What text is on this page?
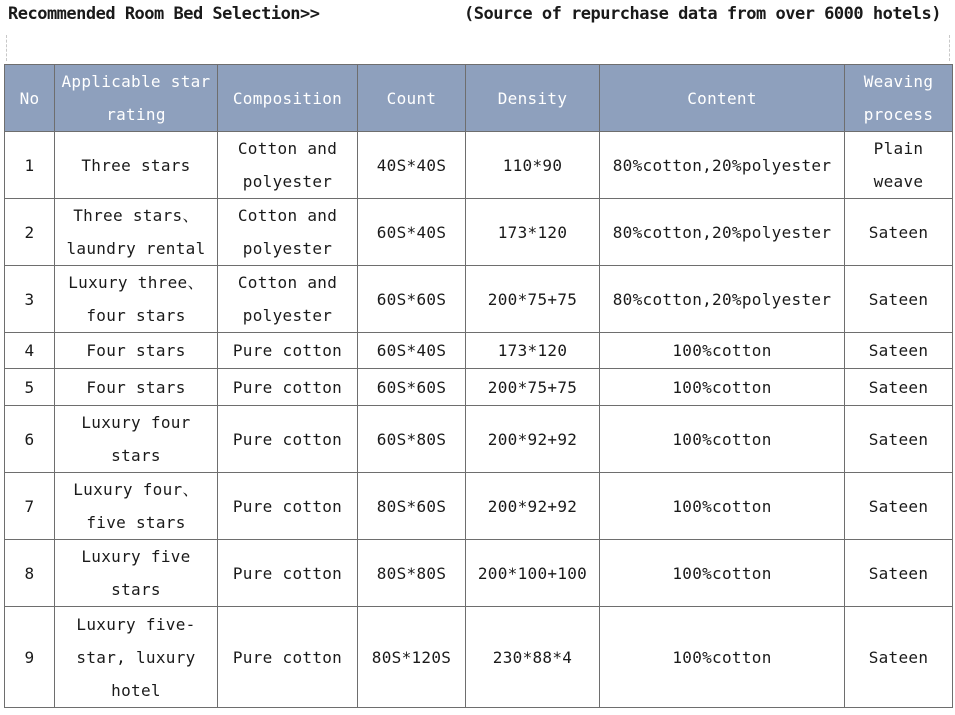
Recommended Room Bed Selection>>	(Source of repurchase data from over 6000 hotels)
No	Applicable star rating	Composition	Count	Density	Content	Weaving process
1	Three stars	Cotton and polyester	40S*40S	110*90	80%cotton,20%polyester	Plain weave
2	Three stars、laundry rental	Cotton and polyester	60S*40S	173*120	80%cotton,20%polyester	Sateen
3	Luxury three、four stars	Cotton and polyester	60S*60S	200*75+75	80%cotton,20%polyester	Sateen
4	Four stars	Pure cotton	60S*40S	173*120	100%cotton	Sateen
5	Four stars	Pure cotton	60S*60S	200*75+75	100%cotton	Sateen
6	Luxury four stars	Pure cotton	60S*80S	200*92+92	100%cotton	Sateen
7	Luxury four、five stars	Pure cotton	80S*60S	200*92+92	100%cotton	Sateen
8	Luxury five stars	Pure cotton	80S*80S	200*100+100	100%cotton	Sateen
9	Luxury five-star, luxury hotel	Pure cotton	80S*120S	230*88*4	100%cotton	Sateen
